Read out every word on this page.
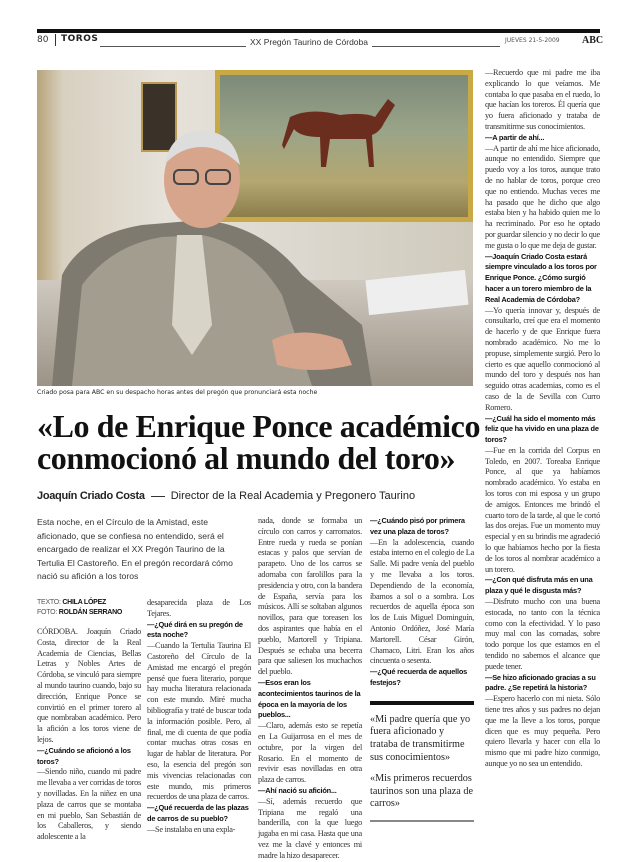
80	TOROS	XX Pregón Taurino de Córdoba	JUEVES 21-5-2009 ABC
Criado posa para ABC en su despacho horas antes del pregón que pronunciará esta noche
«Lo de Enrique Ponce académico conmocionó al mundo del toro»
Joaquín Criado Costa Director de la Real Academia y Pregonero Taurino
Esta noche, en el Círculo de la Amistad, este aficionado, que se confiesa no entendido, será el encargado de realizar el XX Pregón Taurino de la Tertulia El Castoreño. En el pregón recordará cómo nació su afición a los toros
TEXTO: CHILA LÓPEZ
FOTO: ROLDÁN SERRANO

CÓRDOBA. Joaquín Criado Costa, director de la Real Academia de Ciencias, Bellas Letras y Nobles Artes de Córdoba, se vinculó para siempre al mundo taurino cuando, bajo su dirección, Enrique Ponce se convirtió en el primer torero al que nombraban académico. Pero la afición a los toros viene de lejos.

—¿Cuándo se aficionó a los toros?

—Siendo niño, cuando mi padre me llevaba a ver corridas de toros y novilladas. En la niñez en una plaza de carros que se montaba en mi pueblo, San Sebastián de los Caballeros, y siendo adolescente a la

desaparecida plaza de Los Tejares.

—¿Qué dirá en su pregón de esta noche?

—Cuando la Tertulia Taurina El Castoreño del Círculo de la Amistad me encargó el pregón pensé que fuera literario, porque hay mucha literatura relacionada con este mundo. Miré mucha bibliografía y traté de buscar toda la información posible. Pero, al final, me di cuenta de que podía contar muchas otras cosas en lugar de hablar de literatura. Por eso, la esencia del pregón son mis vivencias relacionadas con este mundo, mis primeros recuerdos de una plaza de carros.

—¿Qué recuerda de las plazas de carros de su pueblo?

—Se instalaba en una expla-

nada, donde se formaba un círculo con carros y carromatos. Entre rueda y rueda se ponían estacas y palos que servían de parapeto. Uno de los carros se adornaba con farolillos para la presidencia y otro, con la bandera de España, servía para los músicos. Allí se soltaban algunos novillos, para que toreasen los dos aspirantes que había en el pueblo, Martorell y Tripiana. Después se echaba una becerra para que saliesen los muchachos del pueblo.

—Esos eran los acontecimientos taurinos de la época en la mayoría de los pueblos...

—Claro, además esto se repetía en La Guijarrosa en el mes de octubre, por la virgen del Rosario. En el momento de revivir esas novilladas en otra plaza de carros.

—Ahí nació su afición...

—Sí, además recuerdo que Tripiana me regaló una banderilla, con la que luego jugaba en mi casa. Hasta que una vez me la clavé y entonces mi madre la hizo desaparecer.

—¿Cuándo pisó por primera vez una plaza de toros?

—En la adolescencia, cuando estaba interno en el colegio de La Salle. Mi padre venía del pueblo y me llevaba a los toros. Dependiendo de la economía, íbamos a sol o a sombra. Los recuerdos de aquella época son los de Luis Miguel Dominguín, Antonio Ordóñez, José María Martorell. César Girón, Chamaco, Litri. Eran los años cincuenta o sesenta.

—¿Qué recuerda de aquellos festejos?

«Mi padre quería que yo fuera aficionado y trataba de transmitirme sus conocimientos»

«Mis primeros recuerdos taurinos son una plaza de carros»

—Recuerdo que mi padre me iba explicando lo que veíamos. Me contaba lo que pasaba en el ruedo, lo que hacían los toreros. Él quería que yo fuera aficionado y trataba de transmitirme sus conocimientos.

—A partir de ahí...

—A partir de ahí me hice aficionado, aunque no entendido. Siempre que puedo voy a los toros, aunque trato de no hablar de toros, porque creo que no entiendo. Muchas veces me ha pasado que he dicho que algo estaba bien y ha habido quien me lo ha recriminado. Por eso he optado por guardar silencio y no decir lo que me gusta o lo que me deja de gustar.

—Joaquín Criado Costa estará siempre vinculado a los toros por Enrique Ponce. ¿Cómo surgió hacer a un torero miembro de la Real Academia de Córdoba?

—Yo quería innovar y, después de consultarlo, creí que era el momento de hacerlo y de que Enrique fuera nombrado académico. No me lo propuse, simplemente surgió. Pero lo cierto es que aquello conmocionó al mundo del toro y después nos han seguido otras academias, como es el caso de la de Sevilla con Curro Romero.

—¿Cuál ha sido el momento más feliz que ha vivido en una plaza de toros?

—Fue en la corrida del Corpus en Toledo, en 2007. Toreaba Enrique Ponce, al que ya habíamos nombrado académico. Yo estaba en los toros con mi esposa y un grupo de amigos. Entonces me brindó el cuarto toro de la tarde, al que le cortó las dos orejas. Fue un momento muy especial y en su brindis me agradeció lo que habíamos hecho por la fiesta de los toros al nombrar académico a un torero.

—¿Con qué disfruta más en una plaza y qué le disgusta más?

—Disfruto mucho con una buena estocada, no tanto con la técnica como con la efectividad. Y lo paso muy mal con las cornadas, sobre todo porque los que estamos en el tendido no sabemos el alcance que puede tener.

—Se hizo aficionado gracias a su padre. ¿Se repetirá la historia?

—Espero hacerlo con mi nieta. Sólo tiene tres años y sus padres no dejan que me la lleve a los toros, porque dicen que es muy pequeña. Pero quiero llevarla y hacer con ella lo mismo que mi padre hizo conmigo, aunque yo no sea un entendido.
